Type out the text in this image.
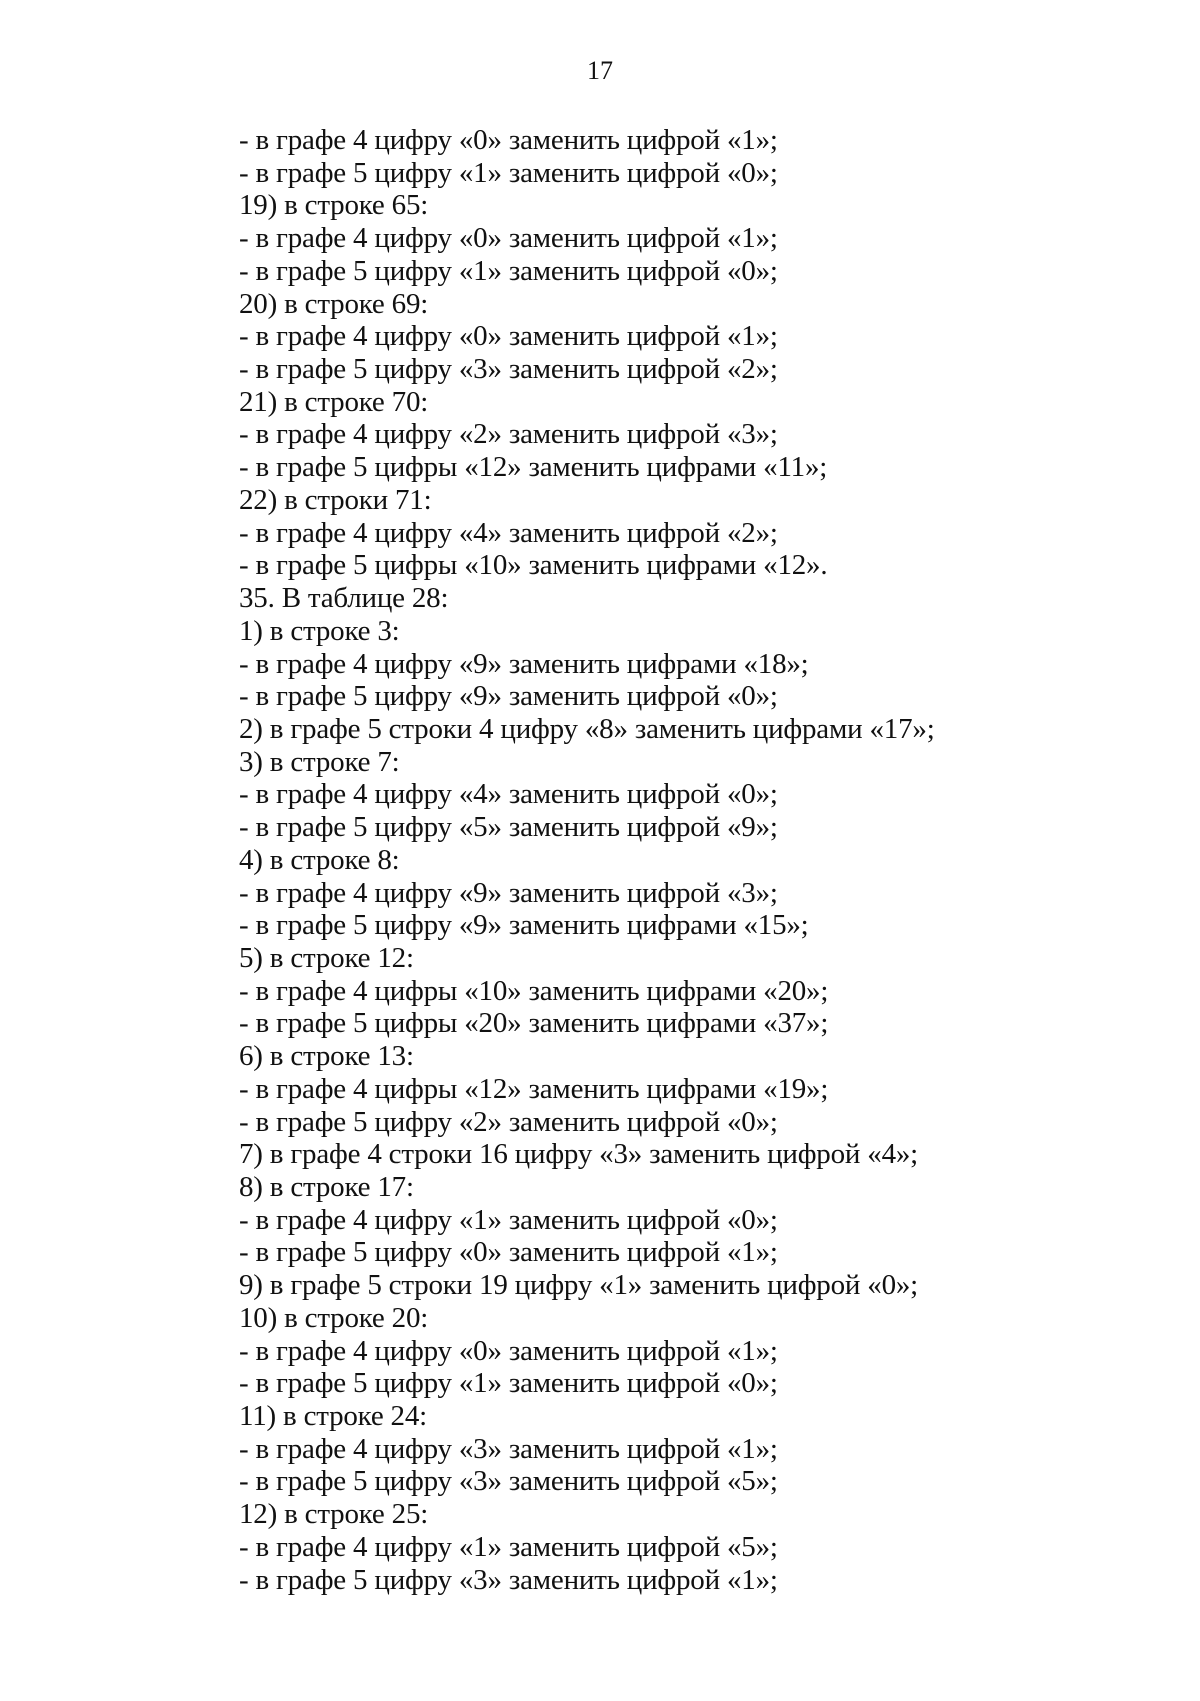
17
- в графе 4 цифру «0» заменить цифрой «1»;
- в графе 5 цифру «1» заменить цифрой «0»;
19) в строке 65:
- в графе 4 цифру «0» заменить цифрой «1»;
- в графе 5 цифру «1» заменить цифрой «0»;
20) в строке 69:
- в графе 4 цифру «0» заменить цифрой «1»;
- в графе 5 цифру «3» заменить цифрой «2»;
21) в строке 70:
- в графе 4 цифру «2» заменить цифрой «3»;
- в графе 5 цифры «12» заменить цифрами «11»;
22) в строки 71:
- в графе 4 цифру «4» заменить цифрой «2»;
- в графе 5 цифры «10» заменить цифрами «12».
35. В таблице 28:
1) в строке 3:
- в графе 4 цифру «9» заменить цифрами «18»;
- в графе 5 цифру «9» заменить цифрой «0»;
2) в графе 5 строки 4 цифру «8» заменить цифрами «17»;
3) в строке 7:
- в графе 4 цифру «4» заменить цифрой «0»;
- в графе 5 цифру «5» заменить цифрой «9»;
4) в строке 8:
- в графе 4 цифру «9» заменить цифрой «3»;
- в графе 5 цифру «9» заменить цифрами «15»;
5) в строке 12:
- в графе 4 цифры «10» заменить цифрами «20»;
- в графе 5 цифры «20» заменить цифрами «37»;
6) в строке 13:
- в графе 4 цифры «12» заменить цифрами «19»;
- в графе 5 цифру «2» заменить цифрой «0»;
7) в графе 4 строки 16 цифру «3» заменить цифрой «4»;
8) в строке 17:
- в графе 4 цифру «1» заменить цифрой «0»;
- в графе 5 цифру «0» заменить цифрой «1»;
9) в графе 5 строки 19 цифру «1» заменить цифрой «0»;
10) в строке 20:
- в графе 4 цифру «0» заменить цифрой «1»;
- в графе 5 цифру «1» заменить цифрой «0»;
11) в строке 24:
- в графе 4 цифру «3» заменить цифрой «1»;
- в графе 5 цифру «3» заменить цифрой «5»;
12) в строке 25:
- в графе 4 цифру «1» заменить цифрой «5»;
- в графе 5 цифру «3» заменить цифрой «1»;
